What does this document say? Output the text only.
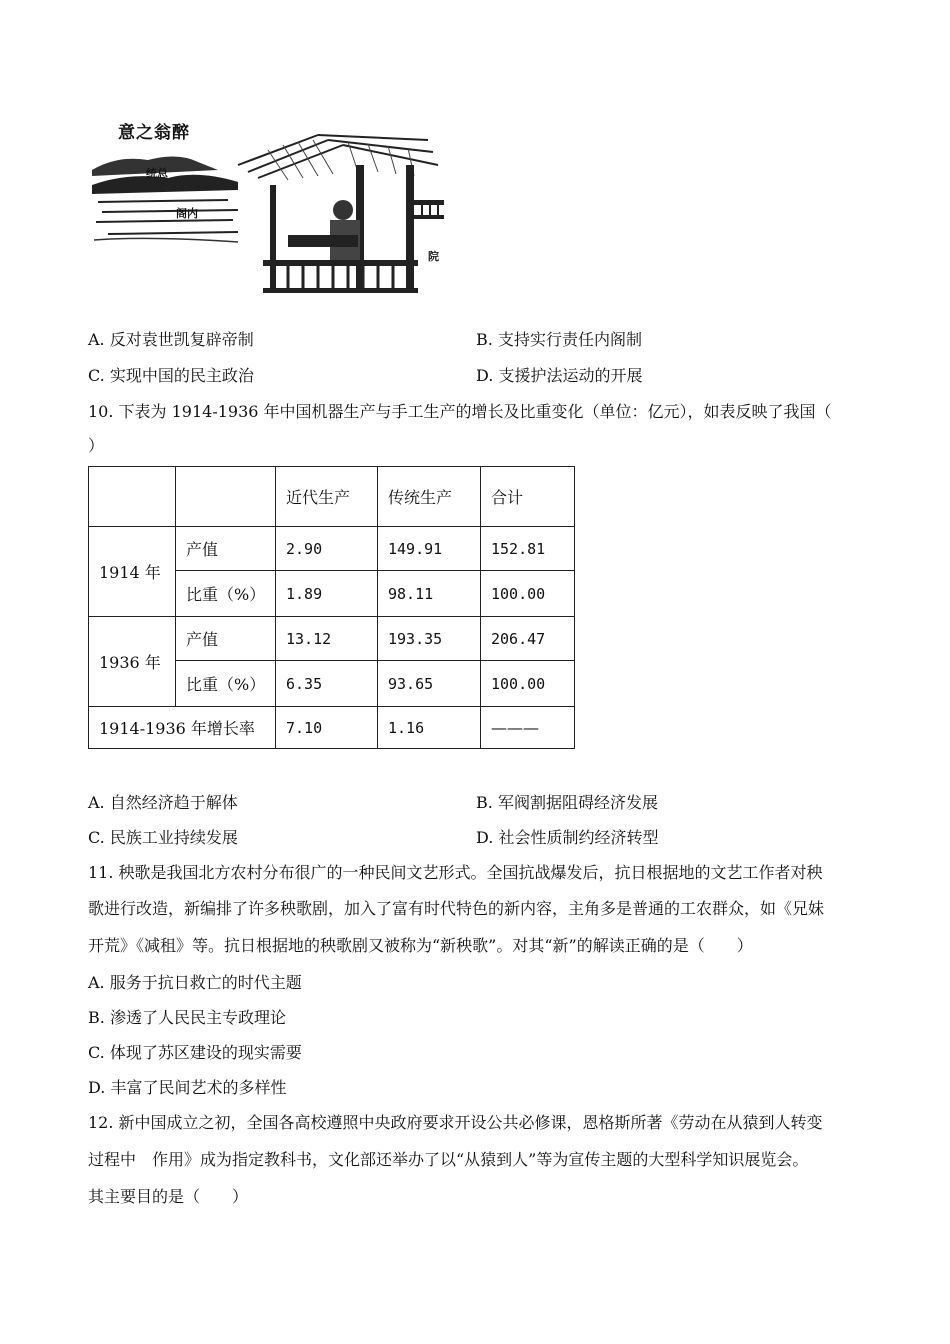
意之翁醉
统总
阁内
院
A. 反对袁世凯复辟帝制	B. 支持实行责任内阁制
C. 实现中国的民主政治	D. 支援护法运动的开展
10. 下表为 1914-1936 年中国机器生产与手工生产的增长及比重变化（单位：亿元），如表反映了我国（
）
		近代生产	传统生产	合计
1914 年	产值	2.90	149.91	152.81
	比重（%）	1.89	98.11	100.00
1936 年	产值	13.12	193.35	206.47
	比重（%）	6.35	93.65	100.00
1914-1936 年增长率		7.10	1.16	———
A. 自然经济趋于解体	B. 军阀割据阻碍经济发展
C. 民族工业持续发展	D. 社会性质制约经济转型
11. 秧歌是我国北方农村分布很广的一种民间文艺形式。全国抗战爆发后，抗日根据地的文艺工作者对秧
歌进行改造，新编排了许多秧歌剧，加入了富有时代特色的新内容，主角多是普通的工农群众，如《兄妹
开荒》《减租》等。抗日根据地的秧歌剧又被称为“新秧歌”。对其“新”的解读正确的是（　　）
A. 服务于抗日救亡的时代主题
B. 渗透了人民民主专政理论
C. 体现了苏区建设的现实需要
D. 丰富了民间艺术的多样性
12. 新中国成立之初，全国各高校遵照中央政府要求开设公共必修课，恩格斯所著《劳动在从猿到人转变
过程中　作用》成为指定教科书，文化部还举办了以“从猿到人”等为宣传主题的大型科学知识展览会。
其主要目的是（　　）
